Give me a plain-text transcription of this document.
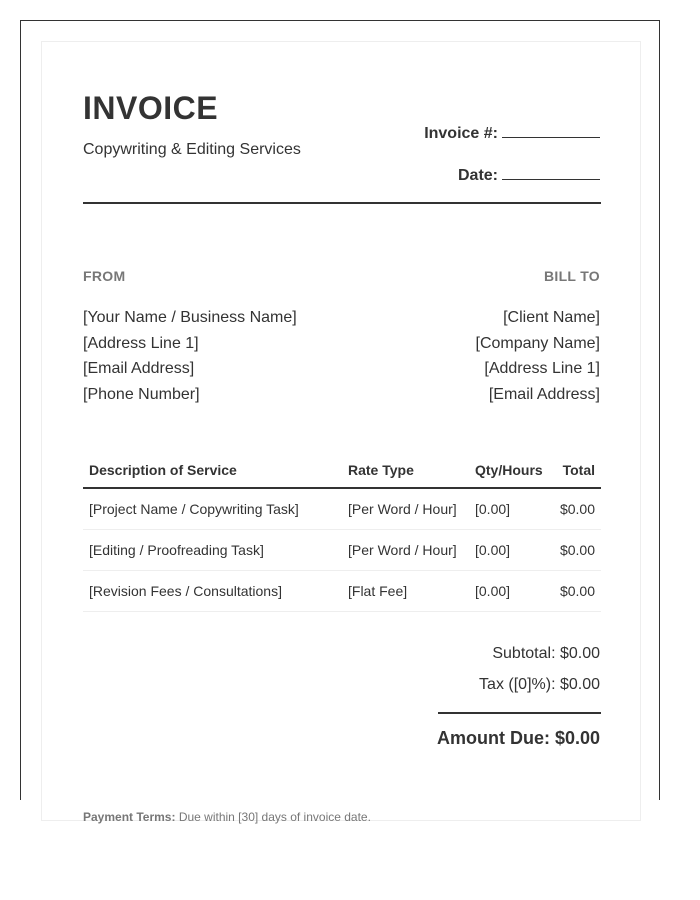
INVOICE
Copywriting & Editing Services
Invoice #:
Date:
FROM	BILL TO
[Your Name / Business Name]
[Address Line 1]
[Email Address]
[Phone Number]
[Client Name]
[Company Name]
[Address Line 1]
[Email Address]
Description of Service	Rate Type	Qty/Hours	Total
[Project Name / Copywriting Task]	[Per Word / Hour]	[0.00]	$0.00
[Editing / Proofreading Task]	[Per Word / Hour]	[0.00]	$0.00
[Revision Fees / Consultations]	[Flat Fee]	[0.00]	$0.00
Subtotal: $0.00
Tax ([0]%): $0.00
Amount Due: $0.00
Payment Terms: Due within [30] days of invoice date.
